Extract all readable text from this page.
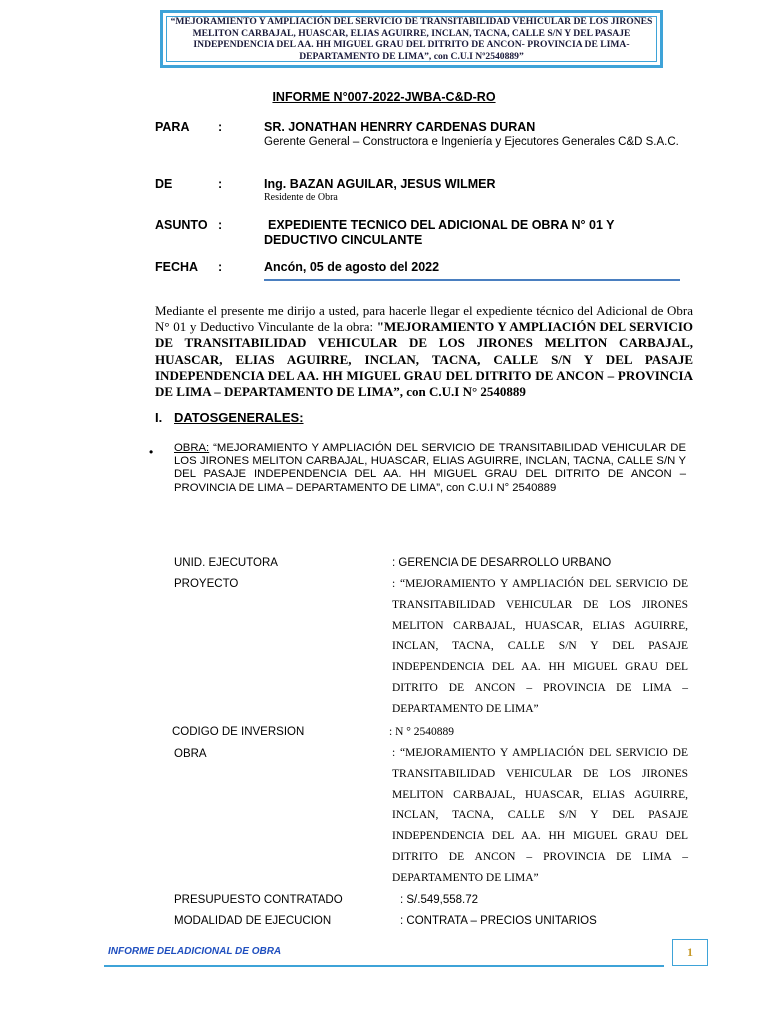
“MEJORAMIENTO Y AMPLIACIÓN DEL SERVICIO DE TRANSITABILIDAD VEHICULAR DE LOS JIRONES MELITON CARBAJAL, HUASCAR, ELIAS AGUIRRE, INCLAN, TACNA, CALLE S/N Y DEL PASAJE INDEPENDENCIA DEL AA. HH MIGUEL GRAU DEL DITRITO DE ANCON- PROVINCIA DE LIMA-DEPARTAMENTO DE LIMA”, con C.U.I Nº2540889”
INFORME N°007-2022-JWBA-C&D-RO
PARA :	SR. JONATHAN HENRRY CARDENAS DURAN
Gerente General – Constructora e Ingeniería y Ejecutores Generales C&D S.A.C.
DE	:	Ing. BAZAN AGUILAR, JESUS WILMER
Residente de Obra
ASUNTO :	EXPEDIENTE TECNICO DEL ADICIONAL DE OBRA N° 01 Y
DEDUCTIVO CINCULANTE
FECHA :	Ancón, 05 de agosto del 2022
Mediante el presente me dirijo a usted, para hacerle llegar el expediente técnico del Adicional de Obra N° 01 y Deductivo Vinculante de la obra: "MEJORAMIENTO Y AMPLIACIÓN DEL SERVICIO DE TRANSITABILIDAD VEHICULAR DE LOS JIRONES MELITON CARBAJAL, HUASCAR, ELIAS AGUIRRE, INCLAN, TACNA, CALLE S/N Y DEL PASAJE INDEPENDENCIA DEL AA. HH MIGUEL GRAU DEL DITRITO DE ANCON – PROVINCIA DE LIMA – DEPARTAMENTO DE LIMA”, con C.U.I N° 2540889
I. DATOSGENERALES:
• OBRA: “MEJORAMIENTO Y AMPLIACIÓN DEL SERVICIO DE TRANSITABILIDAD VEHICULAR DE LOS JIRONES MELITON CARBAJAL, HUASCAR, ELIAS AGUIRRE, INCLAN, TACNA, CALLE S/N Y DEL PASAJE INDEPENDENCIA DEL AA. HH MIGUEL GRAU DEL DITRITO DE ANCON – PROVINCIA DE LIMA – DEPARTAMENTO DE LIMA”, con C.U.I N° 2540889
UNID. EJECUTORA	: GERENCIA DE DESARROLLO URBANO
PROYECTO	: “MEJORAMIENTO Y AMPLIACIÓN DEL SERVICIO DE TRANSITABILIDAD VEHICULAR DE LOS JIRONES MELITON CARBAJAL, HUASCAR, ELIAS AGUIRRE, INCLAN, TACNA, CALLE S/N Y DEL PASAJE INDEPENDENCIA DEL AA. HH MIGUEL GRAU DEL DITRITO DE ANCON – PROVINCIA DE LIMA – DEPARTAMENTO DE LIMA”
CODIGO DE INVERSION	: N ° 2540889
OBRA	: “MEJORAMIENTO Y AMPLIACIÓN DEL SERVICIO DE TRANSITABILIDAD VEHICULAR DE LOS JIRONES MELITON CARBAJAL, HUASCAR, ELIAS AGUIRRE, INCLAN, TACNA, CALLE S/N Y DEL PASAJE INDEPENDENCIA DEL AA. HH MIGUEL GRAU DEL DITRITO DE ANCON – PROVINCIA DE LIMA – DEPARTAMENTO DE LIMA”
PRESUPUESTO CONTRATADO	: S/.549,558.72
MODALIDAD DE EJECUCION	: CONTRATA – PRECIOS UNITARIOS
INFORME DELADICIONAL DE OBRA	1
